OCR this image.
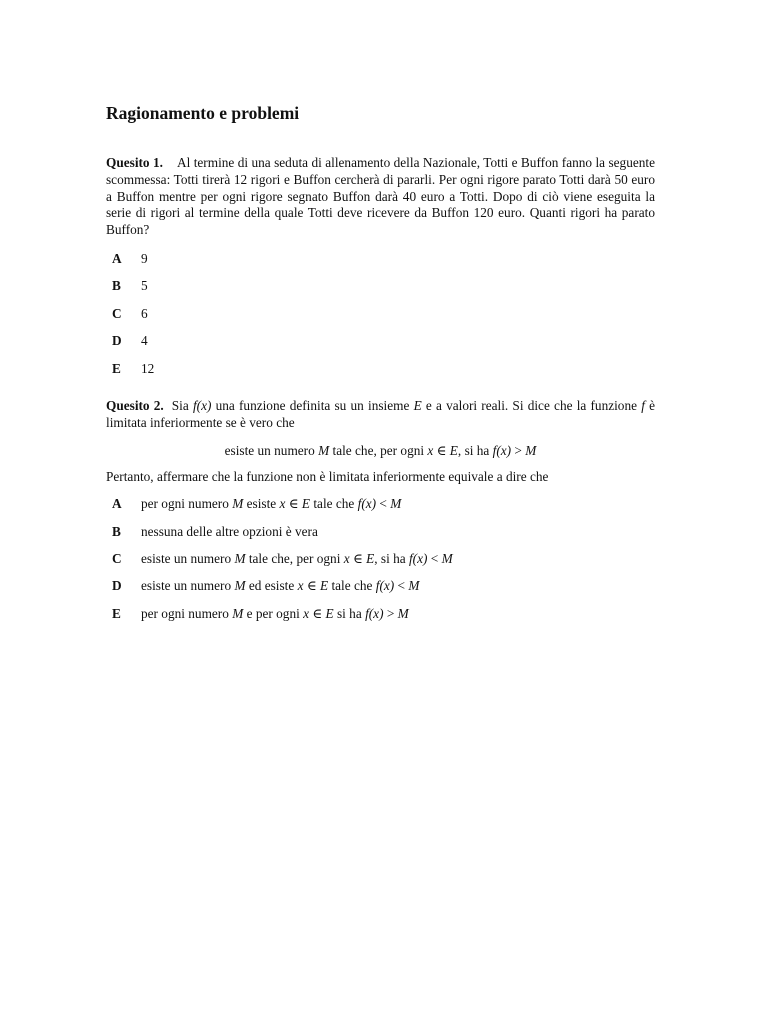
Ragionamento e problemi

Quesito 1. Al termine di una seduta di allenamento della Nazionale, Totti e Buffon fanno la seguente scommessa: Totti tirerà 12 rigori e Buffon cercherà di pararli. Per ogni rigore parato Totti darà 50 euro a Buffon mentre per ogni rigore segnato Buffon darà 40 euro a Totti. Dopo di ciò viene eseguita la serie di rigori al termine della quale Totti deve ricevere da Buffon 120 euro. Quanti rigori ha parato Buffon?

A 9
B 5
C 6
D 4
E 12

Quesito 2. Sia f(x) una funzione definita su un insieme E e a valori reali. Si dice che la funzione f è limitata inferiormente se è vero che

esiste un numero M tale che, per ogni x ∈ E, si ha f(x) > M

Pertanto, affermare che la funzione non è limitata inferiormente equivale a dire che

A per ogni numero M esiste x ∈ E tale che f(x) < M
B nessuna delle altre opzioni è vera
C esiste un numero M tale che, per ogni x ∈ E, si ha f(x) < M
D esiste un numero M ed esiste x ∈ E tale che f(x) < M
E per ogni numero M e per ogni x ∈ E si ha f(x) > M
